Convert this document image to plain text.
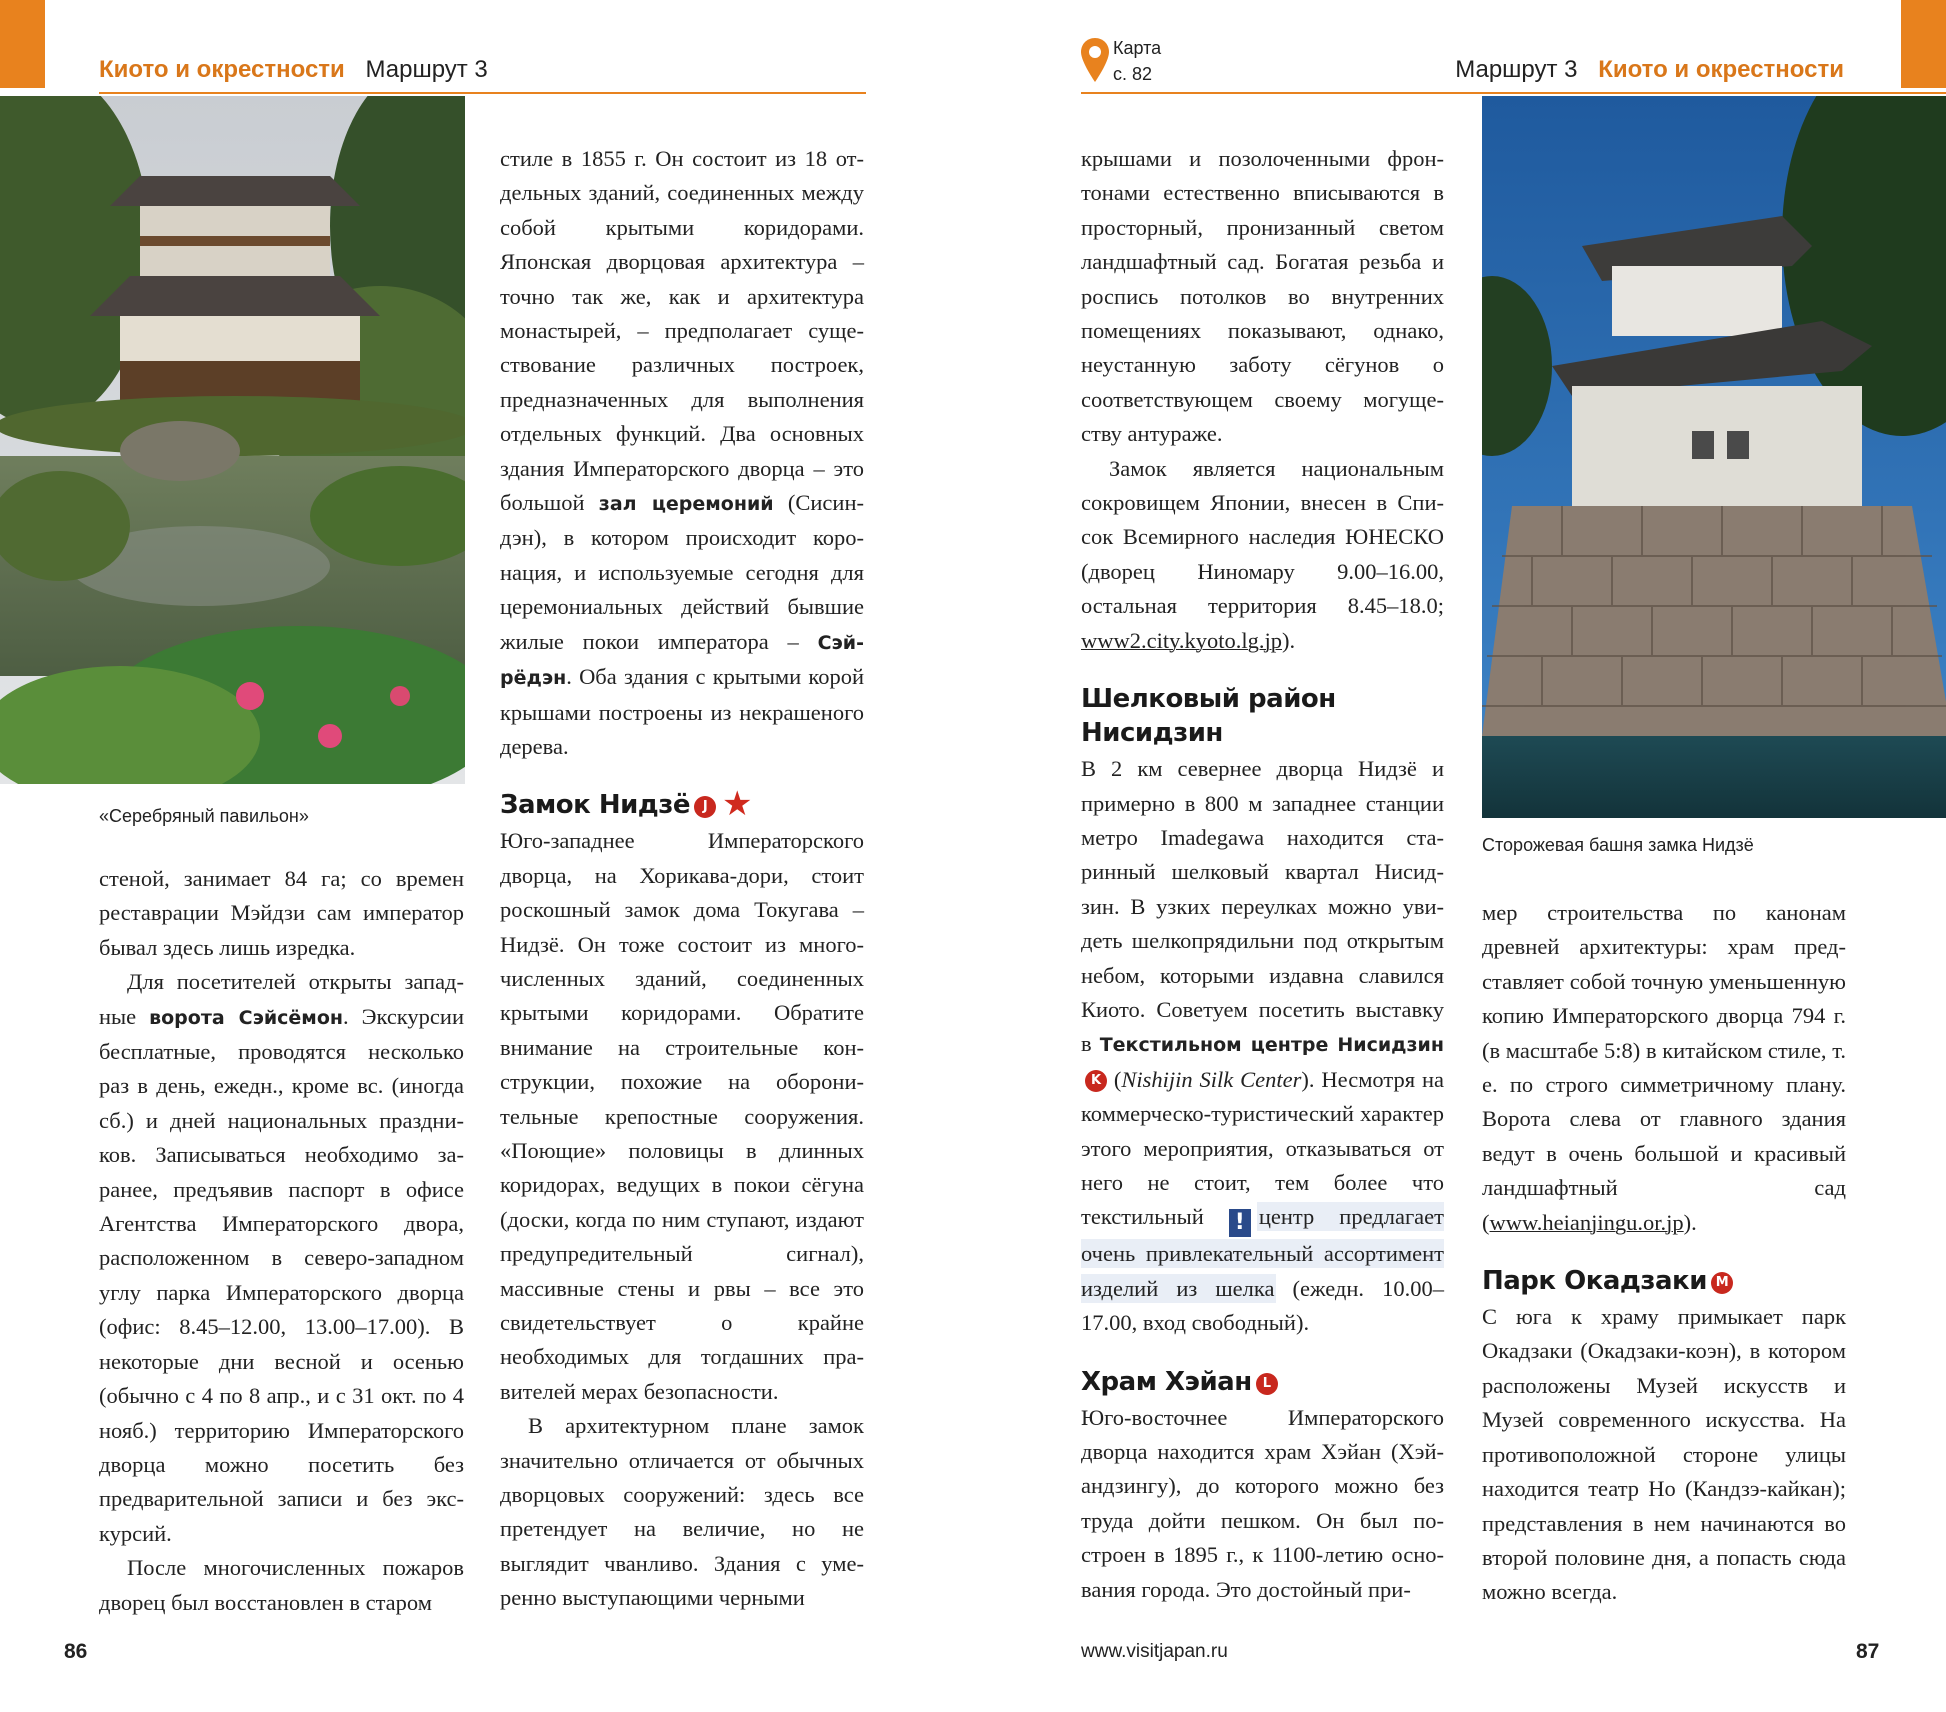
Киото и окрестности Маршрут 3
«Серебряный павильон»

стеной, занимает 84 га; со времен реставрации Мэйдзи сам император бывал здесь лишь изредка.

Для посетителей открыты западные ворота Сэйсёмон. Экскурсии бесплатные, проводятся несколько раз в день, ежедн., кроме вс. (иногда сб.) и дней национальных праздников. Записываться необходимо заранее, предъявив паспорт в офисе Агентства Императорского двора, расположенном в северо-западном углу парка Императорского дворца (офис: 8.45–12.00, 13.00–17.00). В некоторые дни весной и осенью (обычно с 4 по 8 апр., и с 31 окт. по 4 нояб.) территорию Императорского дворца можно посетить без предварительной записи и без экскурсий.

После многочисленных пожаров дворец был восстановлен в старом

стиле в 1855 г. Он состоит из 18 отдельных зданий, соединенных между собой крытыми коридорами. Японская дворцовая архитектура – точно так же, как и архитектура монастырей, – предполагает существование различных построек, предназначенных для выполнения отдельных функций. Два основных здания Императорского дворца – это большой зал церемоний (Сисиндэн), в котором происходит коронация, и используемые сегодня для церемониальных действий бывшие жилые покои императора – Сэйрёдэн. Оба здания с крытыми корой крышами построены из некрашеного дерева.

Замок Нидзё J ★

Юго-западнее Императорского дворца, на Хорикава-дори, стоит роскошный замок дома Токугава – Нидзё. Он тоже состоит из многочисленных зданий, соединенных крытыми коридорами. Обратите внимание на строительные конструкции, похожие на оборонительные крепостные сооружения. «Поющие» половицы в длинных коридорах, ведущих в покои сёгуна (доски, когда по ним ступают, издают предупредительный сигнал), массивные стены и рвы – все это свидетельствует о крайне необходимых для тогдашних правителей мерах безопасности.

В архитектурном плане замок значительно отличается от обычных дворцовых сооружений: здесь все претендует на величие, но не выглядит чванливо. Здания с умеренно выступающими черными

86
Карта
с. 82	Маршрут 3 Киото и окрестности

крышами и позолоченными фронтонами естественно вписываются в просторный, пронизанный светом ландшафтный сад. Богатая резьба и роспись потолков во внутренних помещениях показывают, однако, неустанную заботу сёгунов о соответствующем своему могуществу антураже.

Замок является национальным сокровищем Японии, внесен в Список Всемирного наследия ЮНЕСКО (дворец Ниномару 9.00–16.00, остальная территория 8.45–18.0; www2.city.kyoto.lg.jp).

Шелковый район Нисидзин

В 2 км севернее дворца Нидзё и примерно в 800 м западнее станции метро Imadegawa находится старинный шелковый квартал Нисидзин. В узких переулках можно увидеть шелкопрядильни под открытым небом, которыми издавна славился Киото. Советуем посетить выставку в Текстильном центре НисидзинK (Nishijin Silk Center). Несмотря на коммерческо-туристический характер этого мероприятия, отказываться от него не стоит, тем более что текстильный ! центр предлагает очень привлекательный ассортимент изделий из шелка (ежедн. 10.00–17.00, вход свободный).

Храм Хэйан L

Юго-восточнее Императорского дворца находится храм Хэйан (Хэйандзингу), до которого можно без труда дойти пешком. Он был построен в 1895 г., к 1100-летию основания города. Это достойный при-

Сторожевая башня замка Нидзё

мер строительства по канонам древней архитектуры: храм представляет собой точную уменьшенную копию Императорского дворца 794 г. (в масштабе 5:8) в китайском стиле, т. е. по строго симметричному плану. Ворота слева от главного здания ведут в очень большой и красивый ландшафтный сад (www.heianjingu.or.jp).

Парк Окадзаки M

С юга к храму примыкает парк Окадзаки (Окадзаки-коэн), в котором расположены Музей искусств и Музей современного искусства. На противоположной стороне улицы находится театр Но (Кандзэ-кайкан); представления в нем начинаются во второй половине дня, а попасть сюда можно всегда.

www.visitjapan.ru	87
